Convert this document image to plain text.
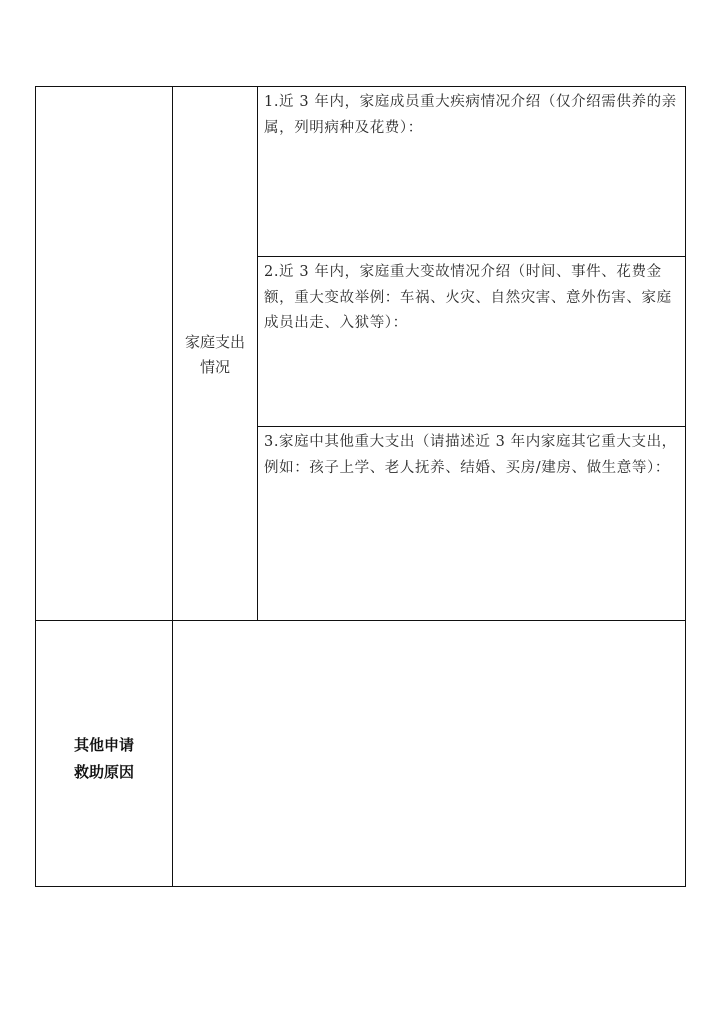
家庭支出
情况
1.近 3 年内，家庭成员重大疾病情况介绍（仅介绍需供养的亲属，列明病种及花费）：
2.近 3 年内，家庭重大变故情况介绍（时间、事件、花费金额，重大变故举例：车祸、火灾、自然灾害、意外伤害、家庭成员出走、入狱等）：
3.家庭中其他重大支出（请描述近 3 年内家庭其它重大支出，例如：孩子上学、老人抚养、结婚、买房/建房、做生意等）：
其他申请
救助原因
